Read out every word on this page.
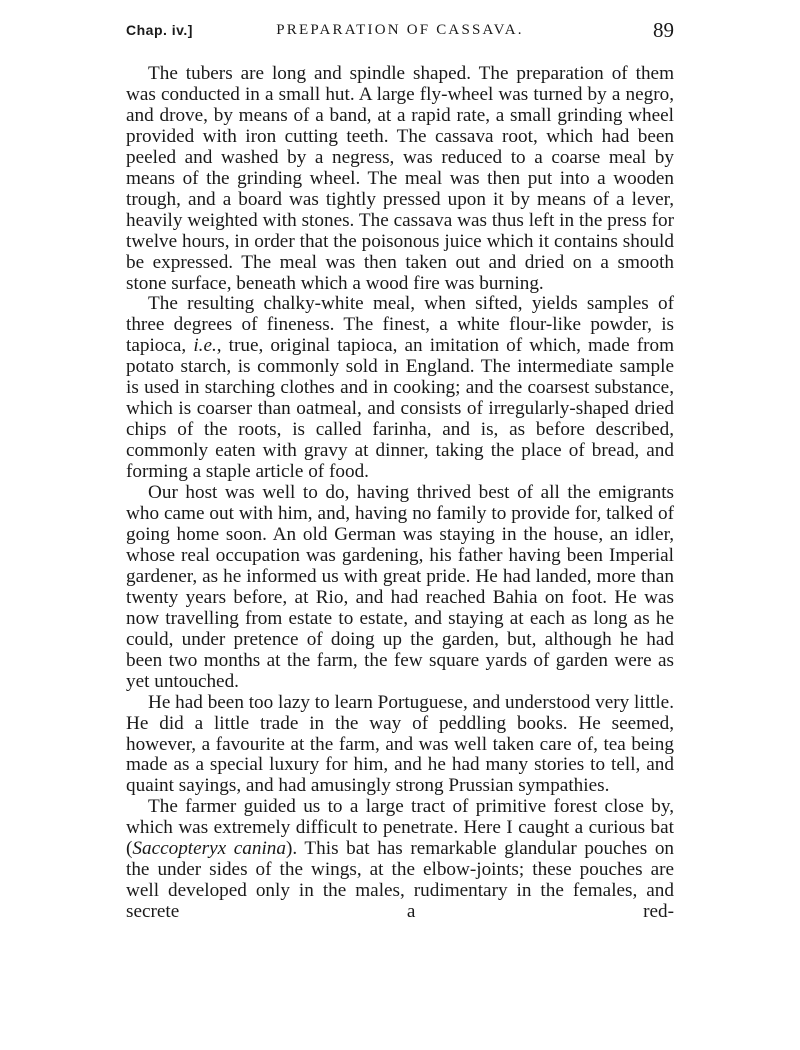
Chap. iv.]	PREPARATION OF CASSAVA.	89

The tubers are long and spindle shaped. The preparation of them was conducted in a small hut. A large fly-wheel was turned by a negro, and drove, by means of a band, at a rapid rate, a small grinding wheel provided with iron cutting teeth. The cassava root, which had been peeled and washed by a negress, was reduced to a coarse meal by means of the grinding wheel. The meal was then put into a wooden trough, and a board was tightly pressed upon it by means of a lever, heavily weighted with stones. The cassava was thus left in the press for twelve hours, in order that the poisonous juice which it contains should be expressed. The meal was then taken out and dried on a smooth stone surface, beneath which a wood fire was burning.

The resulting chalky-white meal, when sifted, yields samples of three degrees of fineness. The finest, a white flour-like powder, is tapioca, i.e., true, original tapioca, an imitation of which, made from potato starch, is commonly sold in England. The intermediate sample is used in starching clothes and in cooking; and the coarsest substance, which is coarser than oatmeal, and consists of irregularly-shaped dried chips of the roots, is called farinha, and is, as before described, commonly eaten with gravy at dinner, taking the place of bread, and forming a staple article of food.

Our host was well to do, having thrived best of all the emigrants who came out with him, and, having no family to provide for, talked of going home soon. An old German was staying in the house, an idler, whose real occupation was gardening, his father having been Imperial gardener, as he informed us with great pride. He had landed, more than twenty years before, at Rio, and had reached Bahia on foot. He was now travelling from estate to estate, and staying at each as long as he could, under pretence of doing up the garden, but, although he had been two months at the farm, the few square yards of garden were as yet untouched.

He had been too lazy to learn Portuguese, and understood very little. He did a little trade in the way of peddling books. He seemed, however, a favourite at the farm, and was well taken care of, tea being made as a special luxury for him, and he had many stories to tell, and quaint sayings, and had amusingly strong Prussian sympathies.

The farmer guided us to a large tract of primitive forest close by, which was extremely difficult to penetrate. Here I caught a curious bat (Saccopteryx canina). This bat has remarkable glandular pouches on the under sides of the wings, at the elbow-joints; these pouches are well developed only in the males, rudimentary in the females, and secrete a red-
